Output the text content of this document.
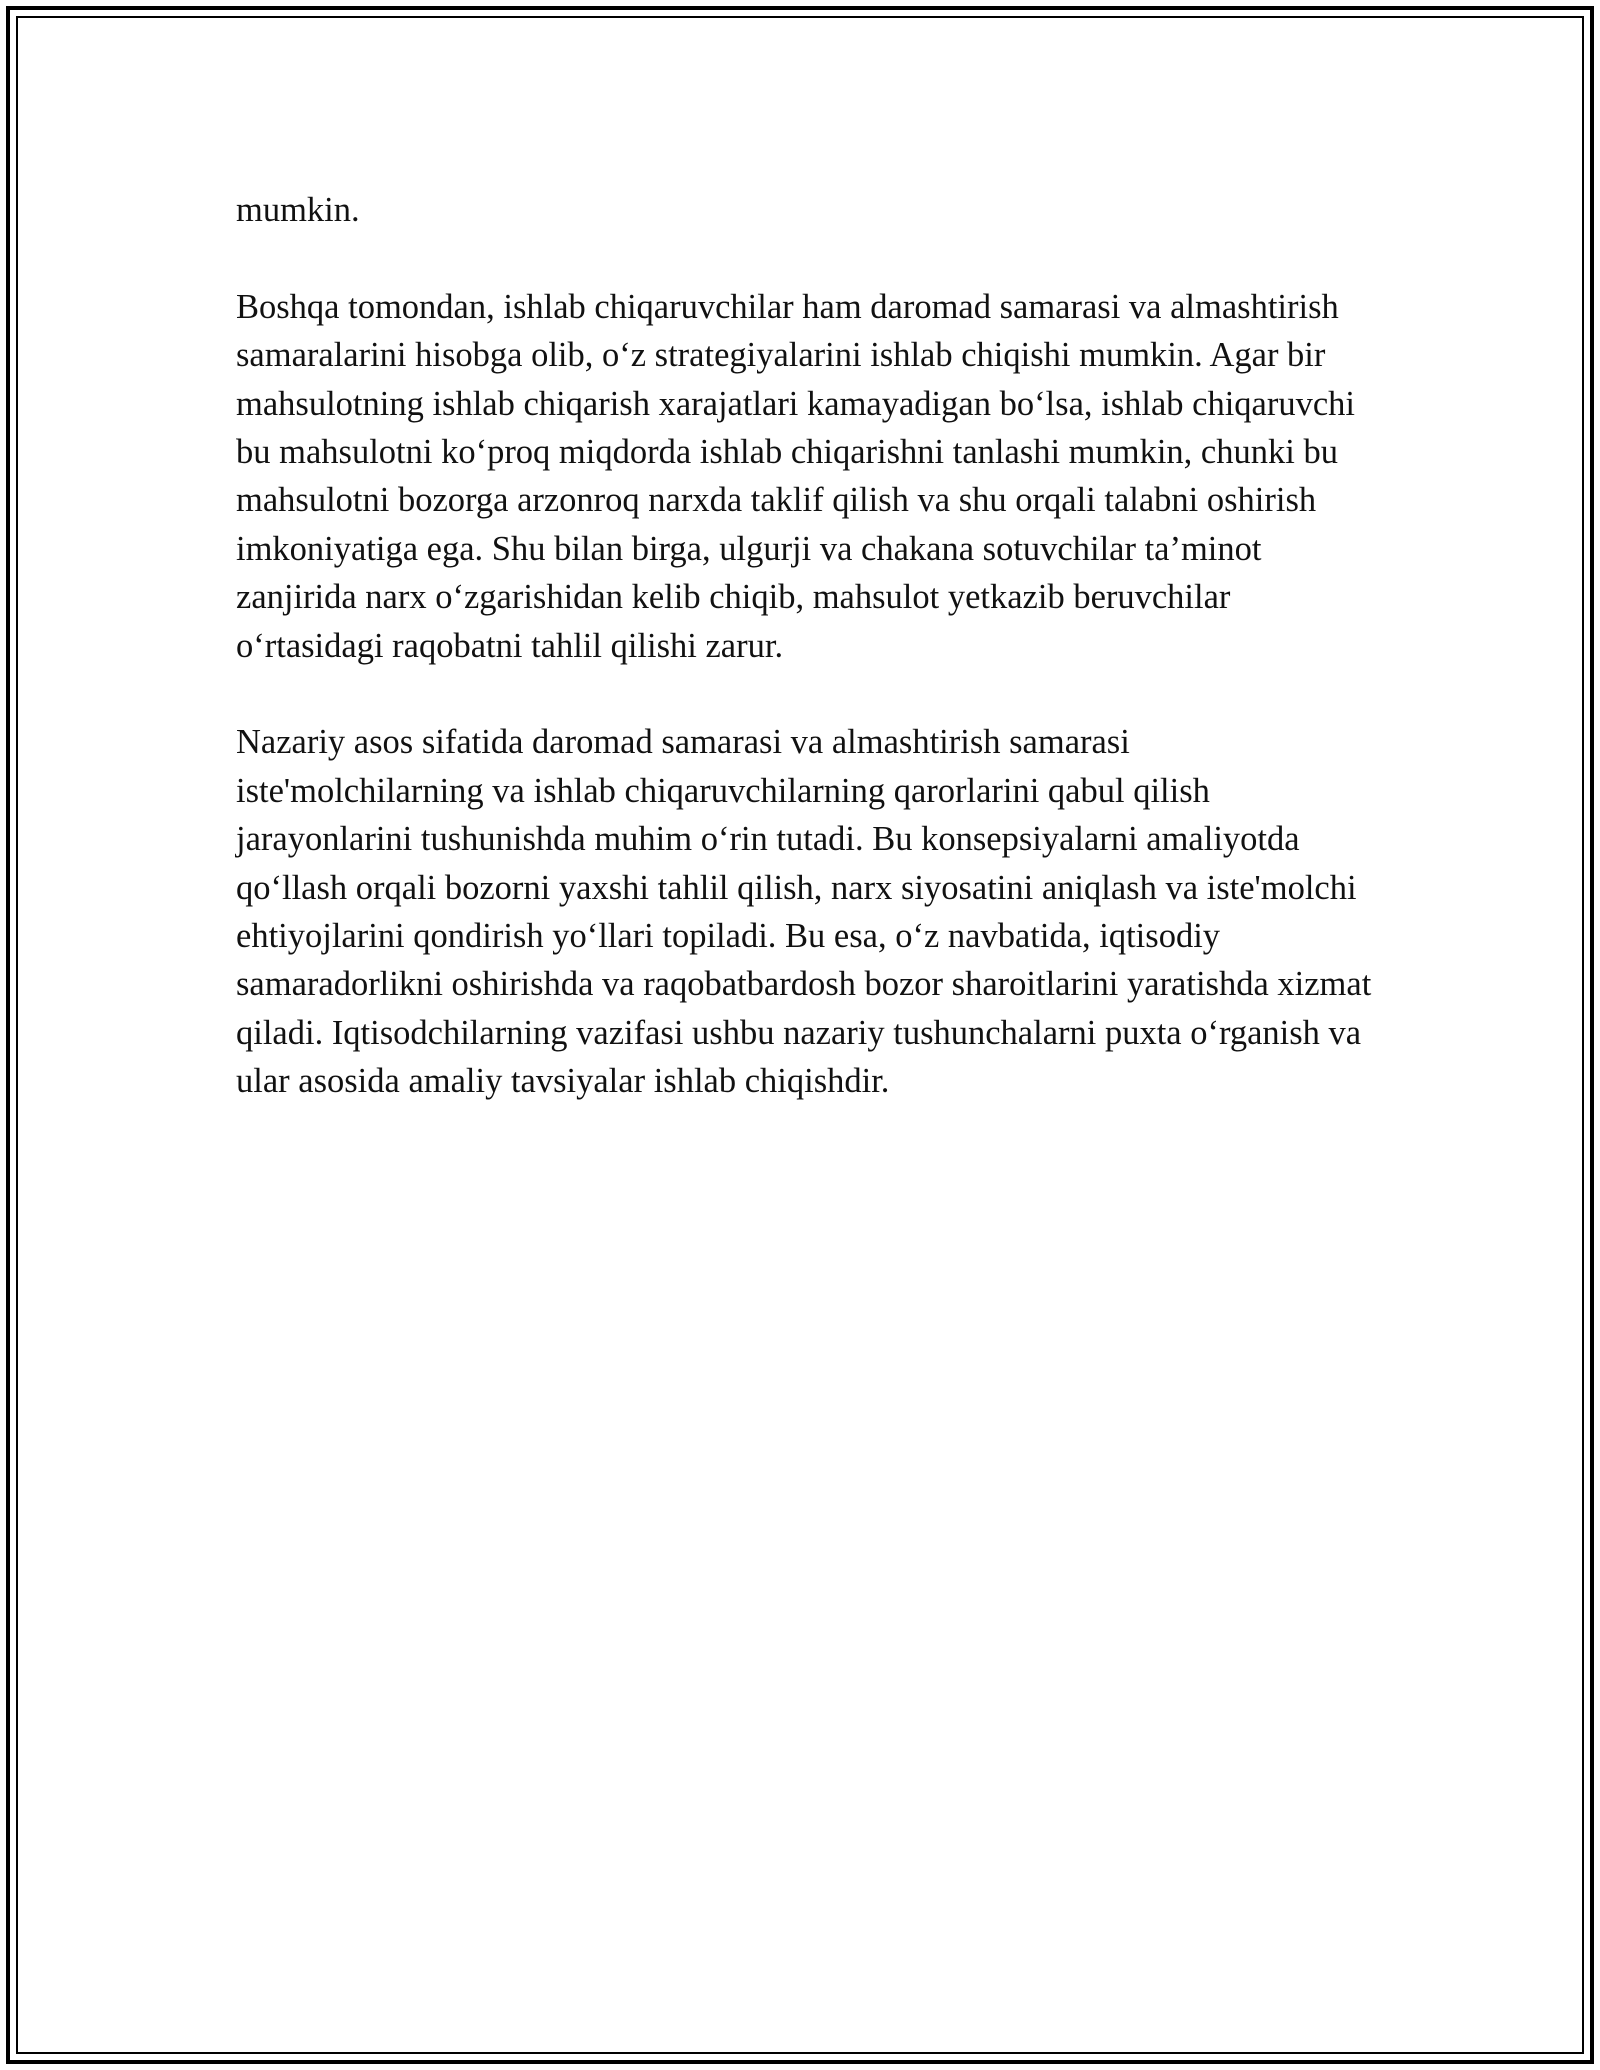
mumkin.

Boshqa tomondan, ishlab chiqaruvchilar ham daromad samarasi va almashtirish samaralarini hisobga olib, o‘z strategiyalarini ishlab chiqishi mumkin. Agar bir mahsulotning ishlab chiqarish xarajatlari kamayadigan bo‘lsa, ishlab chiqaruvchi bu mahsulotni ko‘proq miqdorda ishlab chiqarishni tanlashi mumkin, chunki bu mahsulotni bozorga arzonroq narxda taklif qilish va shu orqali talabni oshirish imkoniyatiga ega. Shu bilan birga, ulgurji va chakana sotuvchilar ta’minot zanjirida narx o‘zgarishidan kelib chiqib, mahsulot yetkazib beruvchilar o‘rtasidagi raqobatni tahlil qilishi zarur.

Nazariy asos sifatida daromad samarasi va almashtirish samarasi iste'molchilarning va ishlab chiqaruvchilarning qarorlarini qabul qilish jarayonlarini tushunishda muhim o‘rin tutadi. Bu konsepsiyalarni amaliyotda qo‘llash orqali bozorni yaxshi tahlil qilish, narx siyosatini aniqlash va iste'molchi ehtiyojlarini qondirish yo‘llari topiladi. Bu esa, o‘z navbatida, iqtisodiy samaradorlikni oshirishda va raqobatbardosh bozor sharoitlarini yaratishda xizmat qiladi. Iqtisodchilarning vazifasi ushbu nazariy tushunchalarni puxta o‘rganish va ular asosida amaliy tavsiyalar ishlab chiqishdir.
